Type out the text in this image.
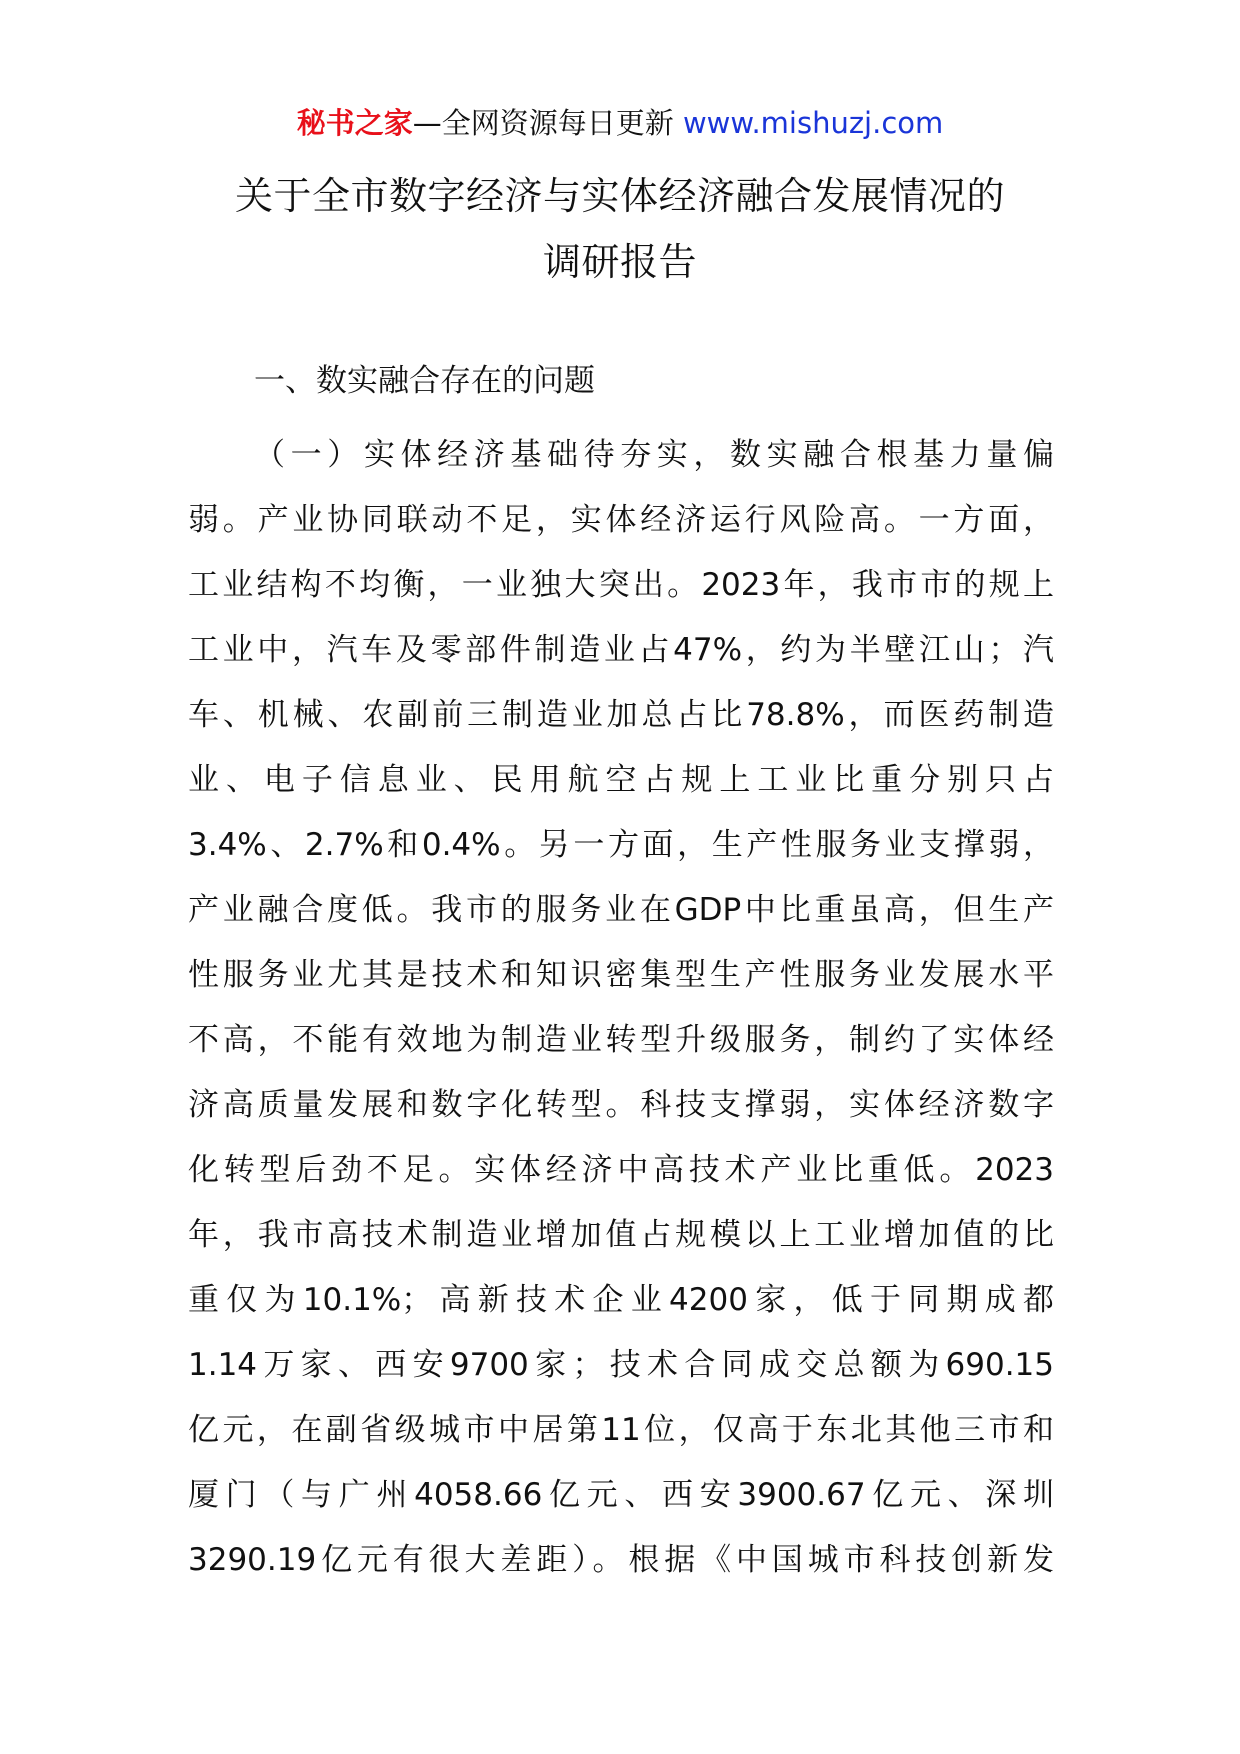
秘书之家—全网资源每日更新 www.mishuzj.com
关于全市数字经济与实体经济融合发展情况的
调研报告
一、数实融合存在的问题
（一）实体经济基础待夯实，数实融合根基力量偏
弱。产业协同联动不足，实体经济运行风险高。一方面，
工业结构不均衡，一业独大突出。2023年，我市市的规上
工业中，汽车及零部件制造业占47%，约为半壁江山；汽
车、机械、农副前三制造业加总占比78.8%，而医药制造
业、电子信息业、民用航空占规上工业比重分别只占
3.4%、2.7%和0.4%。另一方面，生产性服务业支撑弱，
产业融合度低。我市的服务业在GDP中比重虽高，但生产
性服务业尤其是技术和知识密集型生产性服务业发展水平
不高，不能有效地为制造业转型升级服务，制约了实体经
济高质量发展和数字化转型。科技支撑弱，实体经济数字
化转型后劲不足。实体经济中高技术产业比重低。2023
年，我市高技术制造业增加值占规模以上工业增加值的比
重仅为10.1%；高新技术企业4200家，低于同期成都
1.14万家、西安9700家；技术合同成交总额为690.15
亿元，在副省级城市中居第11位，仅高于东北其他三市和
厦门（与广州4058.66亿元、西安3900.67亿元、深圳
3290.19亿元有很大差距）。根据《中国城市科技创新发
